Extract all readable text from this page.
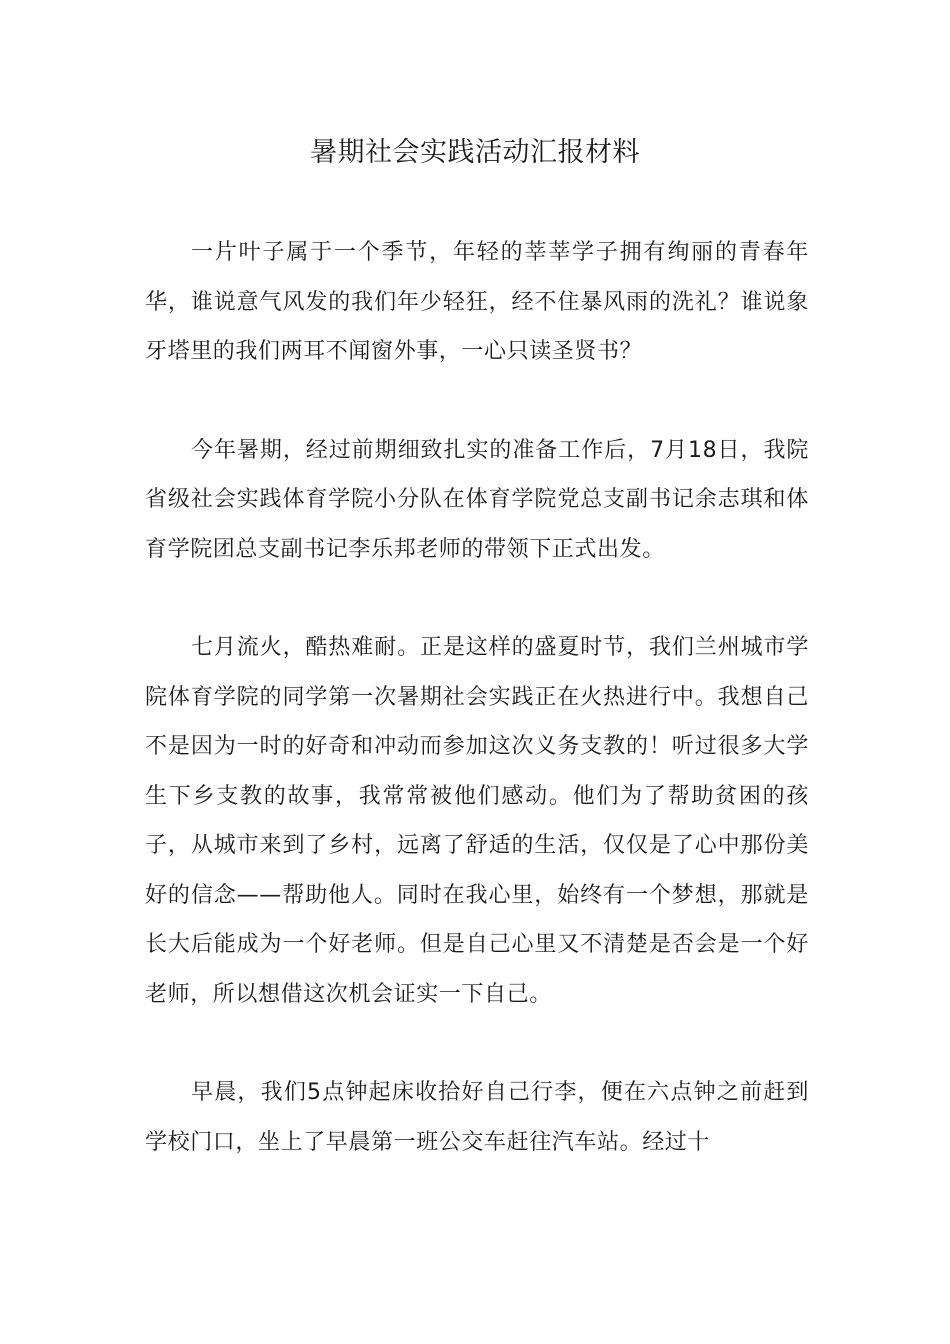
暑期社会实践活动汇报材料

一片叶子属于一个季节，年轻的莘莘学子拥有绚丽的青春年华，谁说意气风发的我们年少轻狂，经不住暴风雨的洗礼？谁说象牙塔里的我们两耳不闻窗外事，一心只读圣贤书？

今年暑期，经过前期细致扎实的准备工作后，7月18日，我院省级社会实践体育学院小分队在体育学院党总支副书记余志琪和体育学院团总支副书记李乐邦老师的带领下正式出发。

七月流火，酷热难耐。正是这样的盛夏时节，我们兰州城市学院体育学院的同学第一次暑期社会实践正在火热进行中。我想自己不是因为一时的好奇和冲动而参加这次义务支教的！听过很多大学生下乡支教的故事，我常常被他们感动。他们为了帮助贫困的孩子，从城市来到了乡村，远离了舒适的生活，仅仅是了心中那份美好的信念——帮助他人。同时在我心里，始终有一个梦想，那就是长大后能成为一个好老师。但是自己心里又不清楚是否会是一个好老师，所以想借这次机会证实一下自己。

早晨，我们5点钟起床收拾好自己行李，便在六点钟之前赶到学校门口，坐上了早晨第一班公交车赶往汽车站。经过十
